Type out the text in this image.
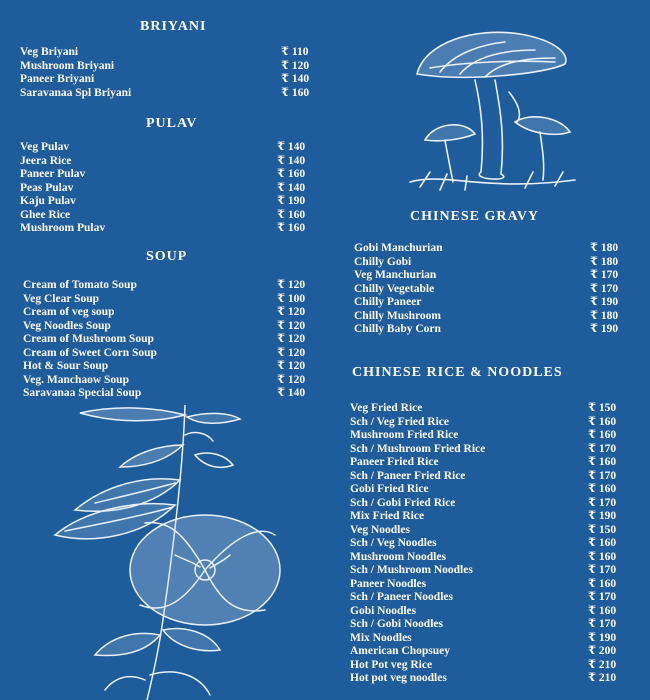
BRIYANI
Veg Briyani	₹ 110
Mushroom Briyani	₹ 120
Paneer Briyani	₹ 140
Saravanaa Spl Briyani	₹ 160
PULAV
Veg Pulav	₹ 140
Jeera Rice	₹ 140
Paneer Pulav	₹ 160
Peas Pulav	₹ 140
Kaju Pulav	₹ 190
Ghee Rice	₹ 160
Mushroom Pulav	₹ 160
SOUP
Cream of Tomato Soup	₹ 120
Veg Clear Soup	₹ 100
Cream of veg soup	₹ 120
Veg Noodles Soup	₹ 120
Cream of Mushroom Soup	₹ 120
Cream of Sweet Corn Soup	₹ 120
Hot & Sour Soup	₹ 120
Veg. Manchaow Soup	₹ 120
Saravanaa Special Soup	₹ 140
CHINESE GRAVY
Gobi Manchurian	₹ 180
Chilly Gobi	₹ 180
Veg Manchurian	₹ 170
Chilly Vegetable	₹ 170
Chilly Paneer	₹ 190
Chilly Mushroom	₹ 180
Chilly Baby Corn	₹ 190
CHINESE RICE & NOODLES
Veg Fried Rice	₹ 150
Sch / Veg Fried Rice	₹ 160
Mushroom Fried Rice	₹ 160
Sch / Mushroom Fried Rice	₹ 170
Paneer Fried Rice	₹ 160
Sch / Paneer Fried Rice	₹ 170
Gobi Fried Rice	₹ 160
Sch / Gobi Fried Rice	₹ 170
Mix Fried Rice	₹ 190
Veg Noodles	₹ 150
Sch / Veg Noodles	₹ 160
Mushroom Noodles	₹ 160
Sch / Mushroom Noodles	₹ 170
Paneer Noodles	₹ 160
Sch / Paneer Noodles	₹ 170
Gobi Noodles	₹ 160
Sch / Gobi Noodles	₹ 170
Mix Noodles	₹ 190
American Chopsuey	₹ 200
Hot Pot veg Rice	₹ 210
Hot pot veg noodles	₹ 210
